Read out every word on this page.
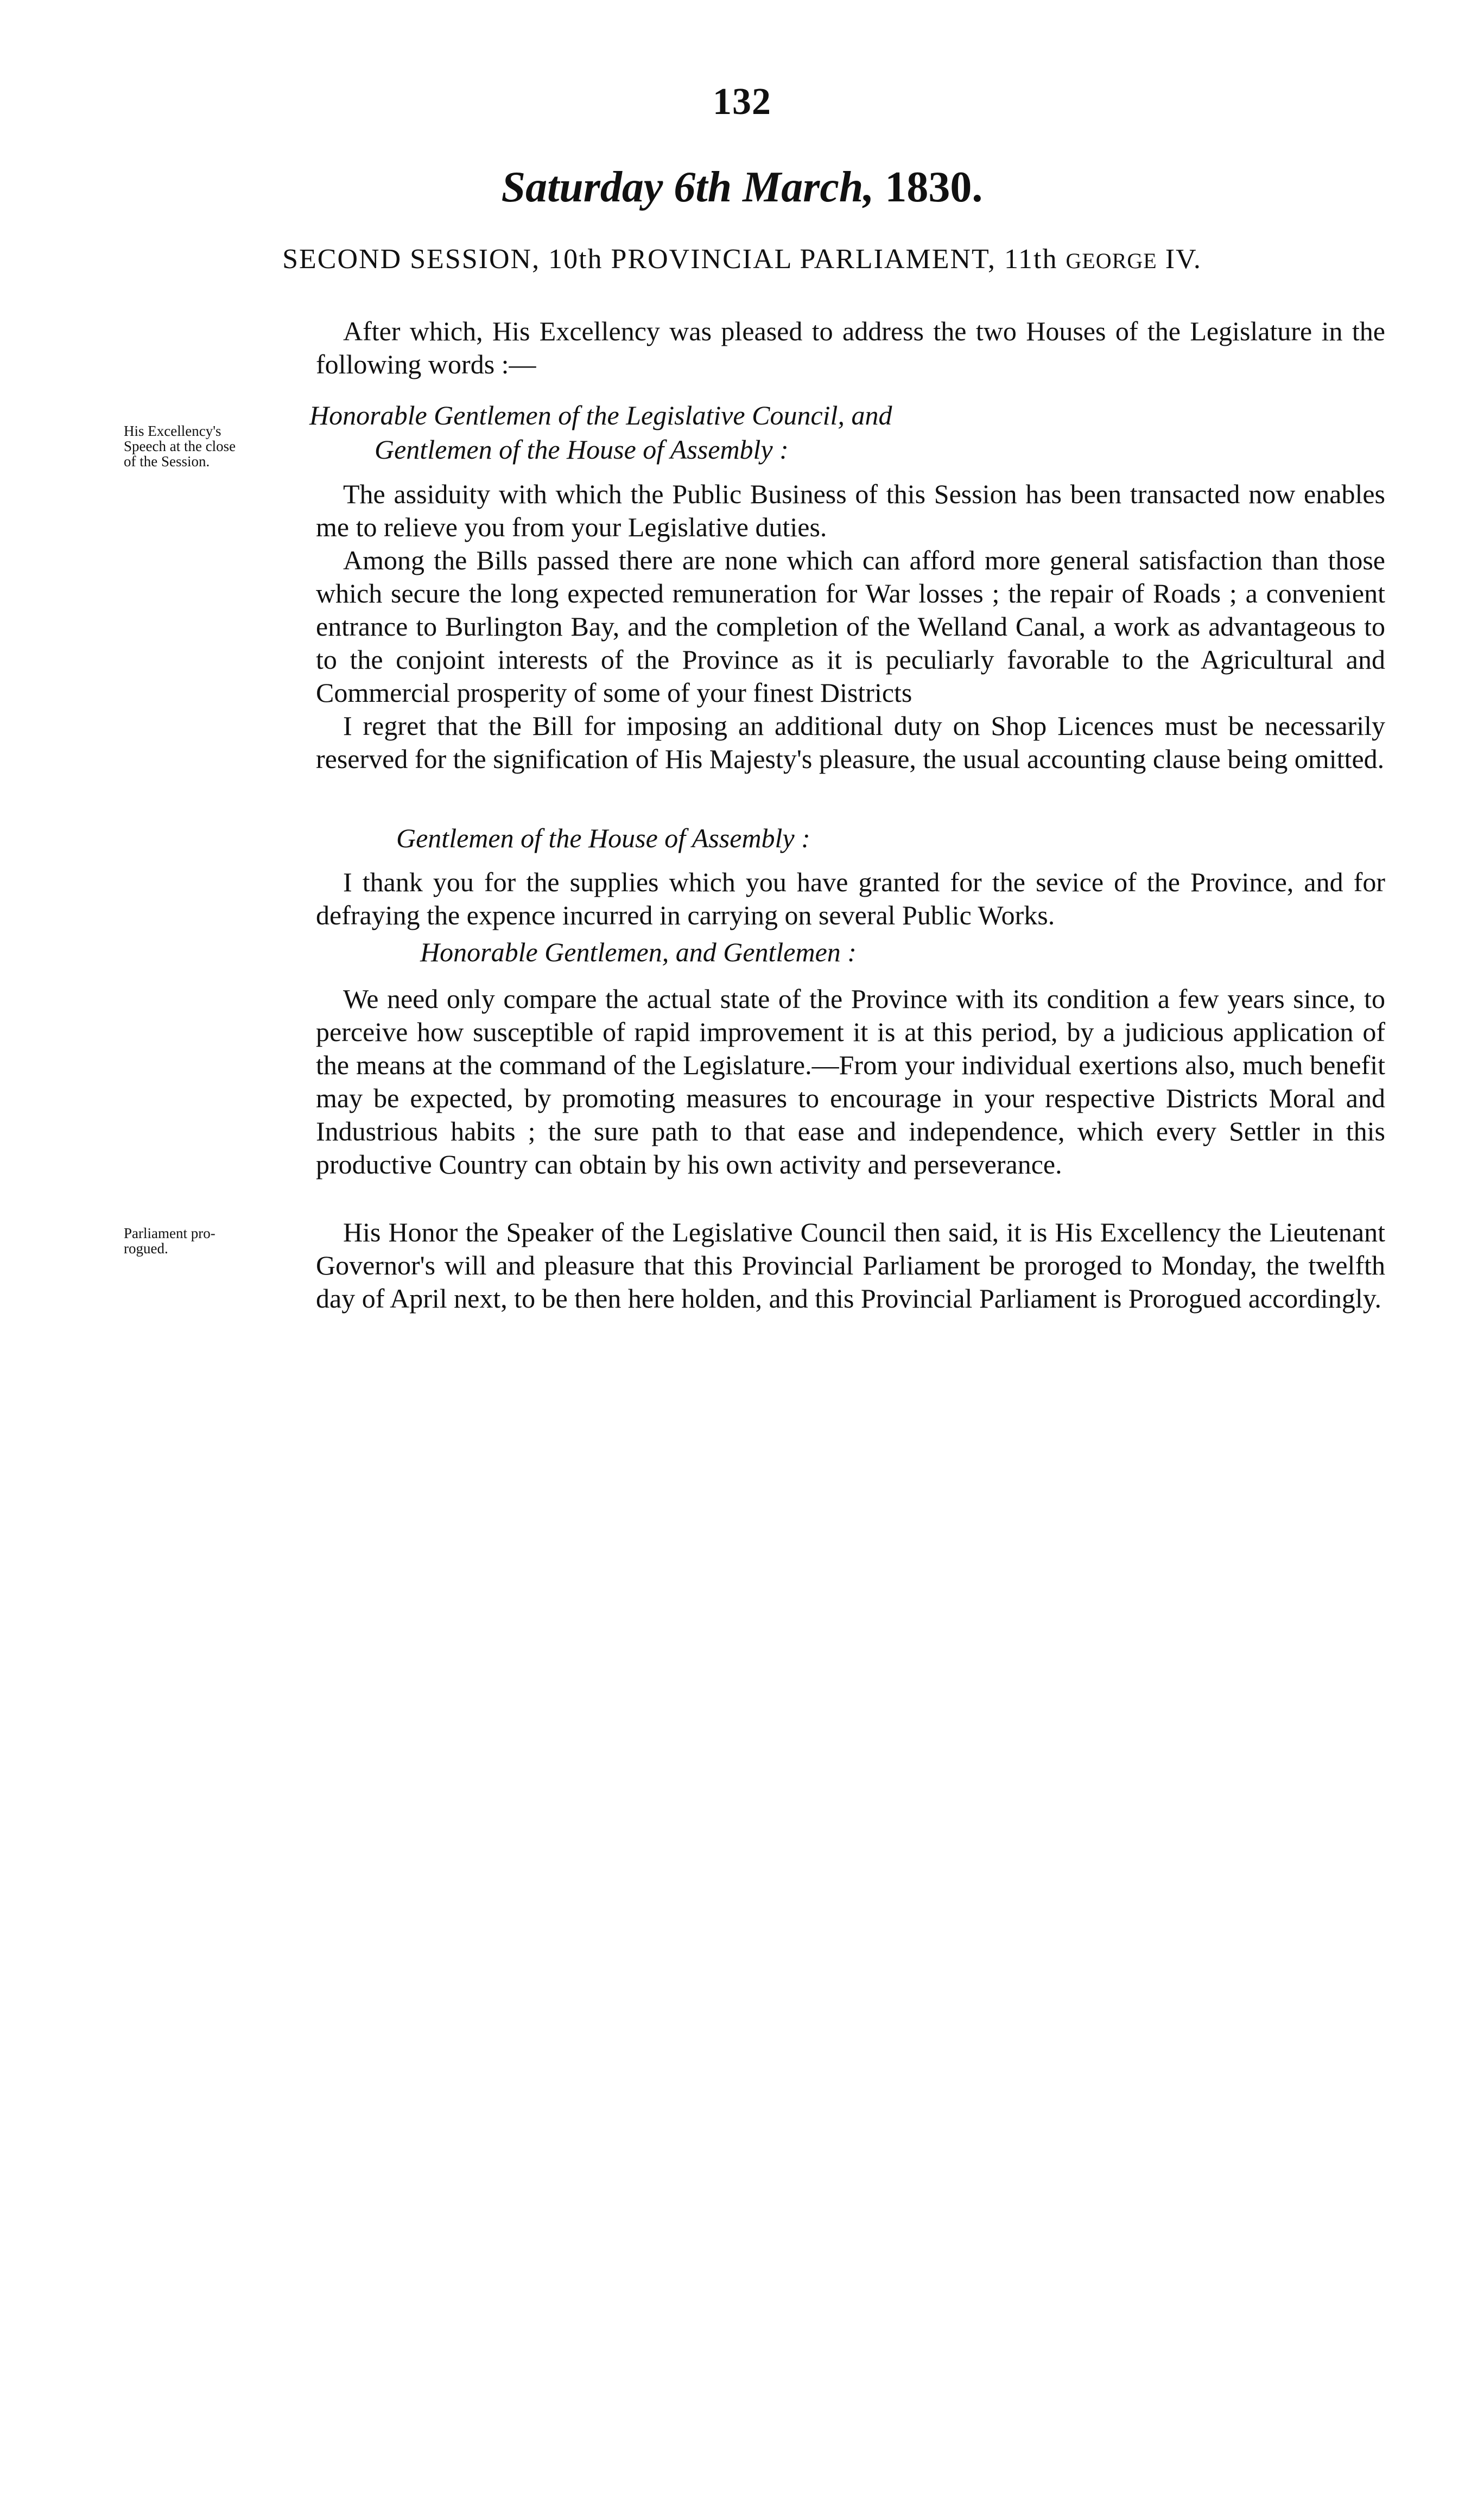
132
Saturday 6th March, 1830.
SECOND SESSION, 10th PROVINCIAL PARLIAMENT, 11th GEORGE IV.

After which, His Excellency was pleased to address the two Houses of the Legislature in the following words :—

His Excellency's
Speech at the close
of the Session.
Honorable Gentlemen of the Legislative Council, and
Gentlemen of the House of Assembly :

The assiduity with which the Public Business of this Session has been transacted now enables me to relieve you from your Legislative duties.

Among the Bills passed there are none which can afford more general satisfaction than those which secure the long expected remuneration for War losses ; the repair of Roads ; a convenient entrance to Burlington Bay, and the completion of the Welland Canal, a work as advantageous to to the conjoint interests of the Province as it is peculiarly favorable to the Agricultural and Commercial prosperity of some of your finest Districts

I regret that the Bill for imposing an additional duty on Shop Licences must be necessarily reserved for the signification of His Majesty's pleasure, the usual accounting clause being omitted.

Gentlemen of the House of Assembly :

I thank you for the supplies which you have granted for the sevice of the Province, and for defraying the expence incurred in carrying on several Public Works.

Honorable Gentlemen, and Gentlemen :

We need only compare the actual state of the Province with its condition a few years since, to perceive how susceptible of rapid improvement it is at this period, by a judicious application of the means at the command of the Legislature.—From your individual exertions also, much benefit may be expected, by promoting measures to encourage in your respective Districts Moral and Industrious habits ; the sure path to that ease and independence, which every Settler in this productive Country can obtain by his own activity and perseverance.

Parliament pro-
rogued.

His Honor the Speaker of the Legislative Council then said, it is His Excellency the Lieutenant Governor's will and pleasure that this Provincial Parliament be proroged to Monday, the twelfth day of April next, to be then here holden, and this Provincial Parliament is Prorogued accordingly.
